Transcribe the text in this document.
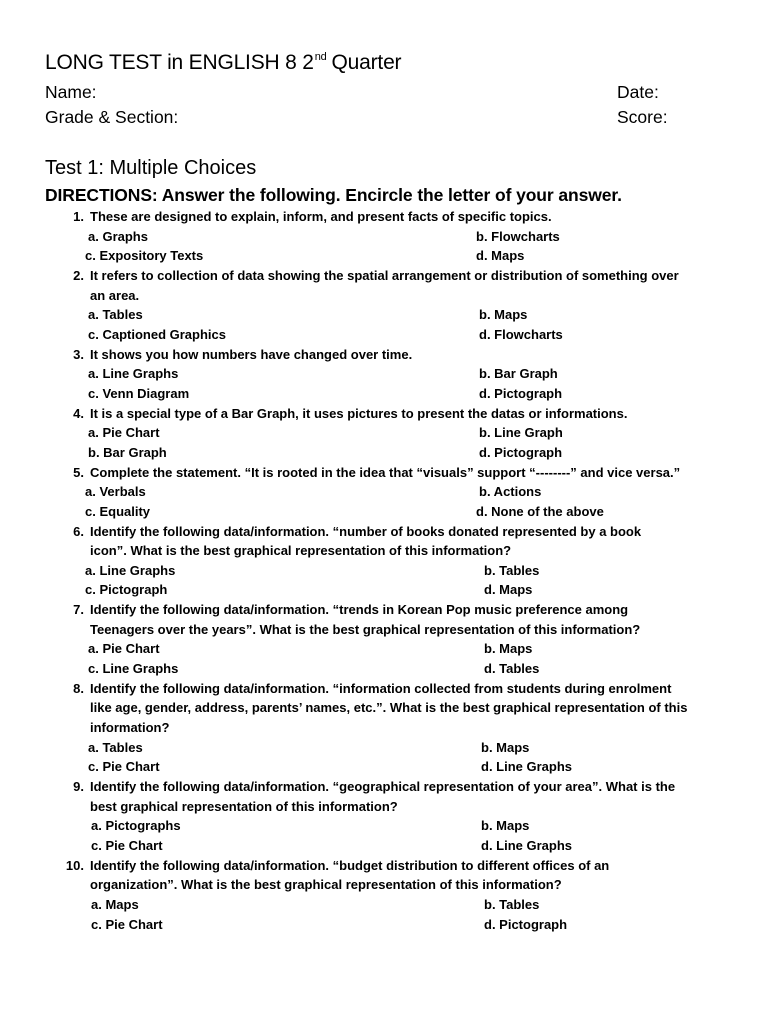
LONG TEST in ENGLISH 8 2nd Quarter
Name:
Grade & Section:
Date:
Score:
Test 1: Multiple Choices
DIRECTIONS: Answer the following. Encircle the letter of your answer.
1. These are designed to explain, inform, and present facts of specific topics.
a. Graphs	b. Flowcharts
c. Expository Texts	d. Maps
2. It refers to collection of data showing the spatial arrangement or distribution of something over
an area.
a. Tables	b. Maps
c. Captioned Graphics	d. Flowcharts
3. It shows you how numbers have changed over time.
a. Line Graphs	b. Bar Graph
c. Venn Diagram	d. Pictograph
4. It is a special type of a Bar Graph, it uses pictures to present the datas or informations.
a. Pie Chart	b. Line Graph
b. Bar Graph	d. Pictograph
5. Complete the statement. “It is rooted in the idea that “visuals” support “--------” and vice versa.”
a. Verbals	b. Actions
c. Equality	d. None of the above
6. Identify the following data/information. “number of books donated represented by a book
icon”. What is the best graphical representation of this information?
a. Line Graphs	b. Tables
c. Pictograph	d. Maps
7. Identify the following data/information. “trends in Korean Pop music preference among
Teenagers over the years”. What is the best graphical representation of this information?
a. Pie Chart	b. Maps
c. Line Graphs	d. Tables
8. Identify the following data/information. “information collected from students during enrolment
like age, gender, address, parents’ names, etc.”. What is the best graphical representation of this
information?
a. Tables	b. Maps
c. Pie Chart	d. Line Graphs
9. Identify the following data/information. “geographical representation of your area”. What is the
best graphical representation of this information?
a. Pictographs	b. Maps
c. Pie Chart	d. Line Graphs
10. Identify the following data/information. “budget distribution to different offices of an
organization”. What is the best graphical representation of this information?
a. Maps	b. Tables
c. Pie Chart	d. Pictograph
